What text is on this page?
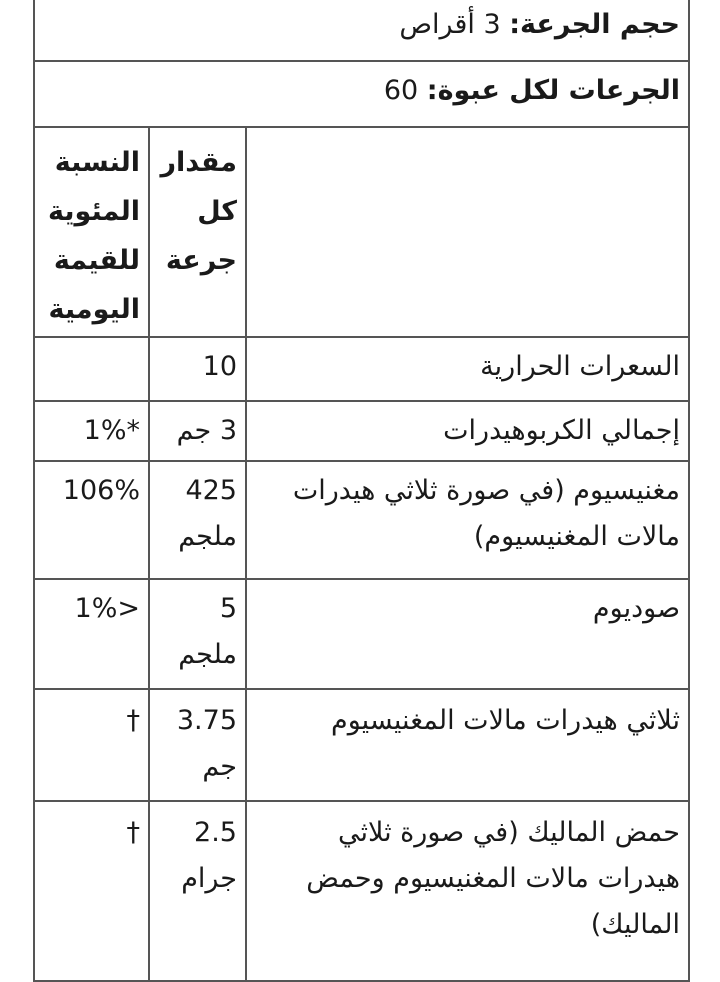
حجم الجرعة: 3 أقراص		
الجرعات لكل عبوة: 60		
	مقدار كل جرعة	النسبة المئوية للقيمة اليومية
السعرات الحرارية	10	
إجمالي الكربوهيدرات	3 جم	1%*
مغنيسيوم (في صورة ثلاثي هيدرات مالات المغنيسيوم)	425 ملجم	106%
صوديوم	5 ملجم	1%>
ثلاثي هيدرات مالات المغنيسيوم	3.75 جم	†
حمض الماليك (في صورة ثلاثي هيدرات مالات المغنيسيوم وحمض الماليك)	2.5 جرام	†
